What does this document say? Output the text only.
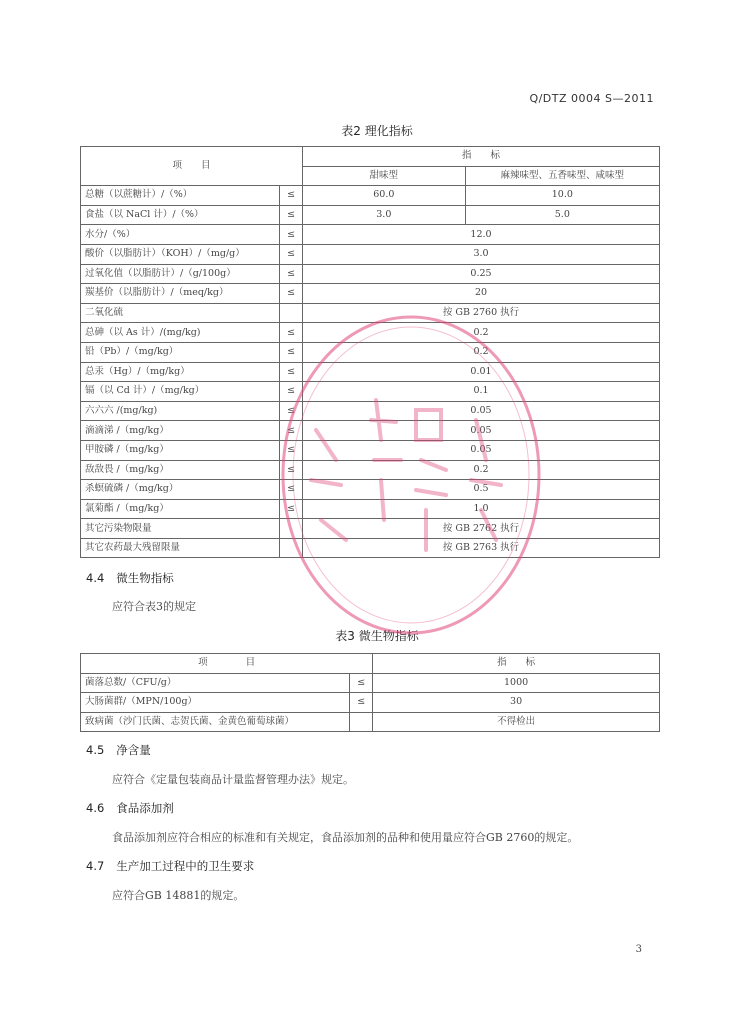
Q/DTZ 0004 S—2011
表2 理化指标
项　　目		指　　标	
		甜味型	麻辣味型、五香味型、咸味型
总糖（以蔗糖计）/（%）	≤	60.0	10.0
食盐（以 NaCl 计）/（%）	≤	3.0	5.0
水分/（%）	≤	12.0	
酸价（以脂肪计）（KOH）/（mg/g）	≤	3.0	
过氧化值（以脂肪计）/（g/100g）	≤	0.25	
羰基价（以脂肪计）/（meq/kg）	≤	20	
二氧化硫		按 GB 2760 执行	
总砷（以 As 计）/(mg/kg)	≤	0.2	
铅（Pb）/（mg/kg）	≤	0.2	
总汞（Hg）/（mg/kg）	≤	0.01	
镉（以 Cd 计）/（mg/kg）	≤	0.1	
六六六 /(mg/kg)	≤	0.05	
滴滴涕 /（mg/kg）	≤	0.05	
甲胺磷 /（mg/kg）	≤	0.05	
敌敌畏 /（mg/kg）	≤	0.2	
杀螟硫磷 /（mg/kg）	≤	0.5	
氯菊酯 /（mg/kg）	≤	1.0	
其它污染物限量		按 GB 2762 执行	
其它农药最大残留限量		按 GB 2763 执行	
4.4 微生物指标
应符合表3的规定
表3 微生物指标
项　　　　目		指　　标
菌落总数/（CFU/g）	≤	1000
大肠菌群/（MPN/100g）	≤	30
致病菌（沙门氏菌、志贺氏菌、金黄色葡萄球菌）		不得检出
4.5 净含量
应符合《定量包装商品计量监督管理办法》规定。
4.6 食品添加剂
食品添加剂应符合相应的标准和有关规定，食品添加剂的品种和使用量应符合GB 2760的规定。
4.7 生产加工过程中的卫生要求
应符合GB 14881的规定。
3
